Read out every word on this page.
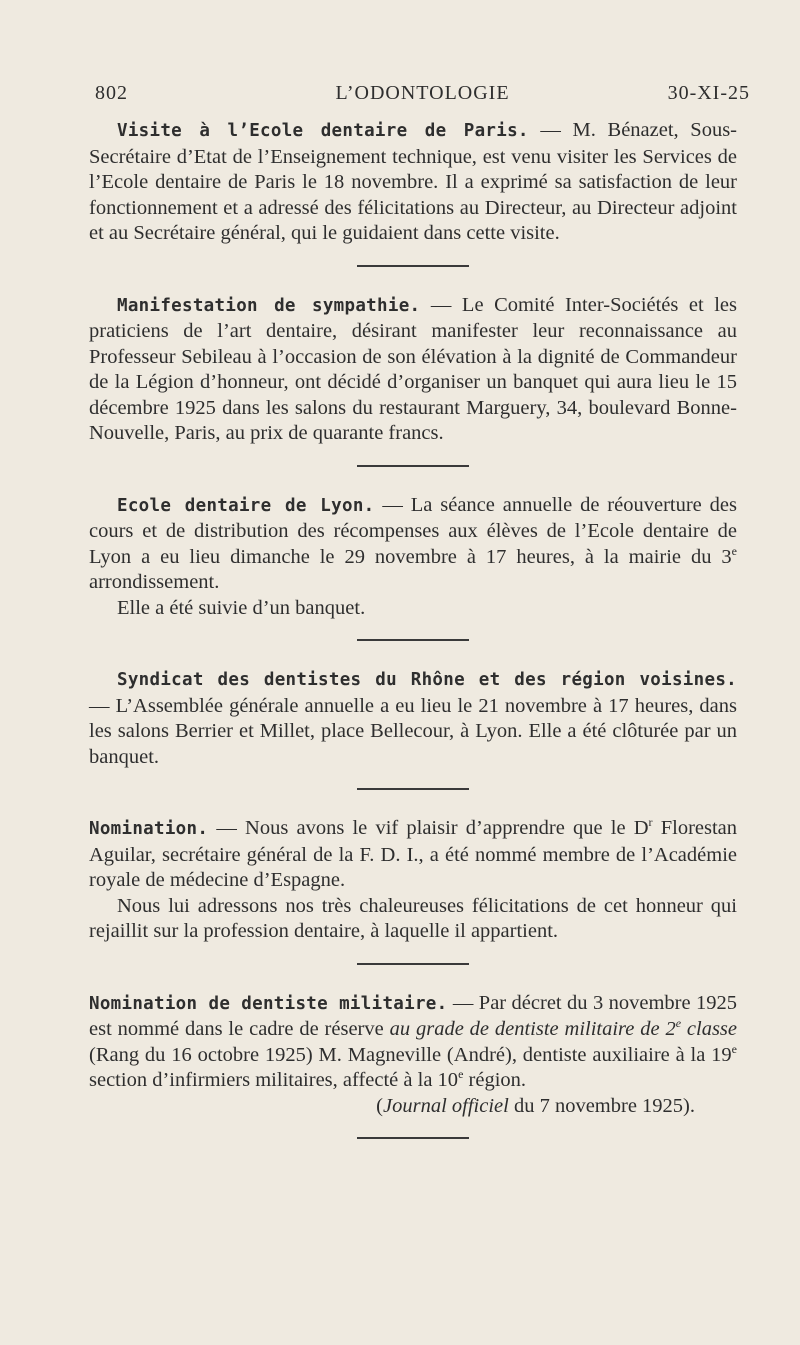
802	L’ODONTOLOGIE	30-XI-25

Visite à l’Ecole dentaire de Paris. — M. Bénazet, Sous-Secrétaire d’Etat de l’Enseignement technique, est venu visiter les Services de l’Ecole dentaire de Paris le 18 novembre. Il a exprimé sa satisfaction de leur fonctionnement et a adressé des félicitations au Directeur, au Directeur adjoint et au Secrétaire général, qui le guidaient dans cette visite.

Manifestation de sympathie. — Le Comité Inter-Sociétés et les praticiens de l’art dentaire, désirant manifester leur reconnaissance au Professeur Sebileau à l’occasion de son élévation à la dignité de Commandeur de la Légion d’honneur, ont décidé d’organiser un banquet qui aura lieu le 15 décembre 1925 dans les salons du restaurant Marguery, 34, boulevard Bonne-Nouvelle, Paris, au prix de quarante francs.

Ecole dentaire de Lyon. — La séance annuelle de réouverture des cours et de distribution des récompenses aux élèves de l’Ecole dentaire de Lyon a eu lieu dimanche le 29 novembre à 17 heures, à la mairie du 3e arrondissement.

Elle a été suivie d’un banquet.

Syndicat des dentistes du Rhône et des région voisines. — L’Assemblée générale annuelle a eu lieu le 21 novembre à 17 heures, dans les salons Berrier et Millet, place Bellecour, à Lyon. Elle a été clôturée par un banquet.

Nomination. — Nous avons le vif plaisir d’apprendre que le $D^r$ Florestan Aguilar, secrétaire général de la F. D. I., a été nommé membre de l’Académie royale de médecine d’Espagne.

Nous lui adressons nos très chaleureuses félicitations de cet honneur qui rejaillit sur la profession dentaire, à laquelle il appartient.

Nomination de dentiste militaire. — Par décret du 3 novembre 1925 est nommé dans le cadre de réserve au grade de dentiste militaire de 2e classe (Rang du 16 octobre 1925) M. Magneville (André), dentiste auxiliaire à la 19e section d’infirmiers militaires, affecté à la 10e région.

(Journal officiel du 7 novembre 1925).
